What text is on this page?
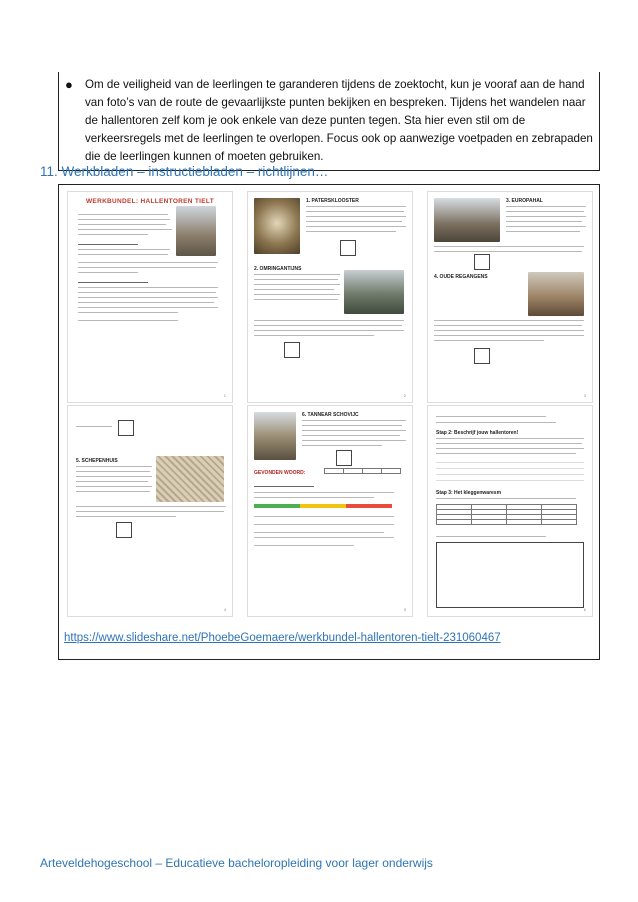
●	Om de veiligheid van de leerlingen te garanderen tijdens de zoektocht, kun je vooraf aan de hand van foto’s van de route de gevaarlijkste punten bekijken en bespreken. Tijdens het wandelen naar de hallentoren zelf kom je ook enkele van deze punten tegen. Sta hier even stil om de verkeersregels met de leerlingen te overlopen. Focus ook op aanwezige voetpaden en zebrapaden die de leerlingen kunnen of moeten gebruiken.
11. Werkbladen – instructiebladen – richtlijnen…
WERKBUNDEL: HALLENTOREN TIELT
1
1. PATERSKLOOSTER
2. OMRINGANTIJNS
2
3. EUROPAHAL
4. OUDE REGANGENS
3
5. SCHEPENHUIS
4
6. TANNEAR SCHOVIJC
GEVONDEN WOORD:

5
Stap 2: Beschrijf jouw hallentoren!
Stap 3: Het kleggenwaresm

6
https://www.slideshare.net/PhoebeGoemaere/werkbundel-hallentoren-tielt-231060467
Arteveldehogeschool – Educatieve bacheloropleiding voor lager onderwijs
